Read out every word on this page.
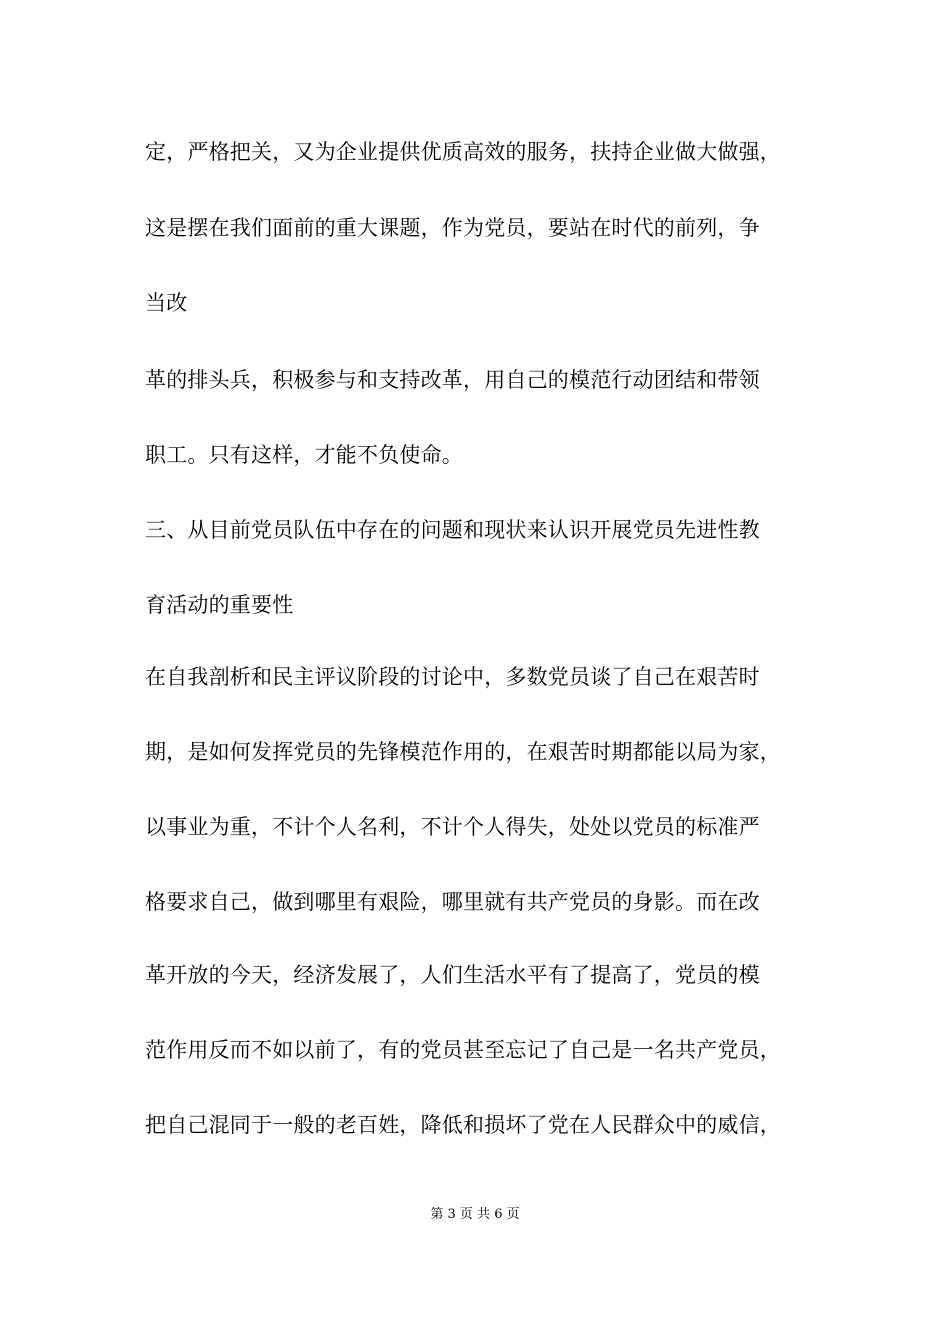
定，严格把关，又为企业提供优质高效的服务，扶持企业做大做强，
这是摆在我们面前的重大课题，作为党员，要站在时代的前列，争
当改
革的排头兵，积极参与和支持改革，用自己的模范行动团结和带领
职工。只有这样，才能不负使命。
三、从目前党员队伍中存在的问题和现状来认识开展党员先进性教
育活动的重要性
在自我剖析和民主评议阶段的讨论中，多数党员谈了自己在艰苦时
期，是如何发挥党员的先锋模范作用的，在艰苦时期都能以局为家，
以事业为重，不计个人名利，不计个人得失，处处以党员的标准严
格要求自己，做到哪里有艰险，哪里就有共产党员的身影。而在改
革开放的今天，经济发展了，人们生活水平有了提高了，党员的模
范作用反而不如以前了，有的党员甚至忘记了自己是一名共产党员，
把自己混同于一般的老百姓，降低和损坏了党在人民群众中的威信，
第 3 页 共 6 页
